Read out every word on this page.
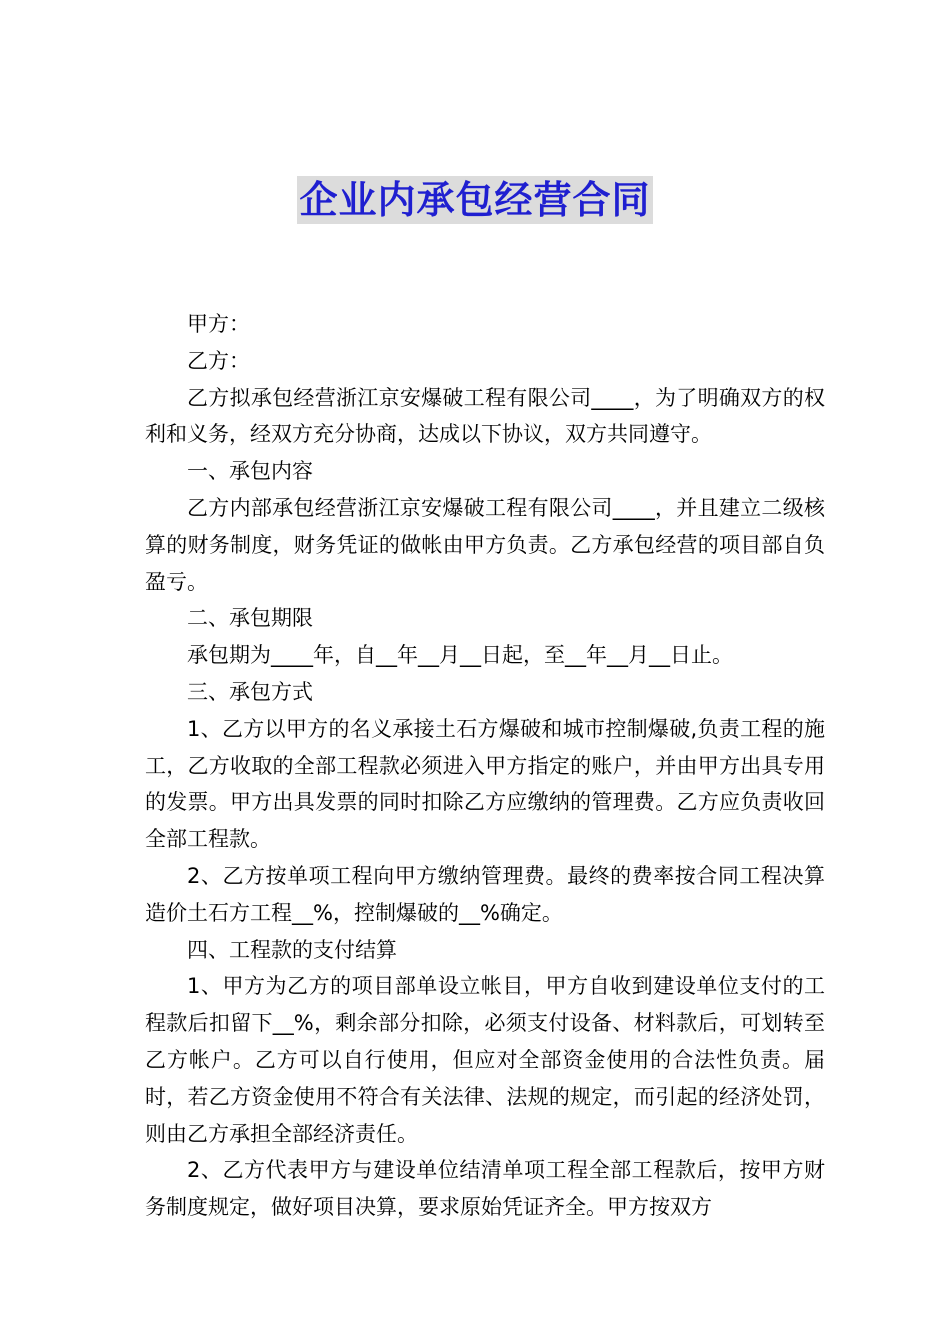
企业内承包经营合同

甲方：

乙方：

乙方拟承包经营浙江京安爆破工程有限公司____，为了明确双方的权利和义务，经双方充分协商，达成以下协议，双方共同遵守。

一、承包内容

乙方内部承包经营浙江京安爆破工程有限公司____，并且建立二级核算的财务制度，财务凭证的做帐由甲方负责。乙方承包经营的项目部自负盈亏。

二、承包期限

承包期为____年，自__年__月__日起，至__年__月__日止。

三、承包方式

1、乙方以甲方的名义承接土石方爆破和城市控制爆破,负责工程的施工，乙方收取的全部工程款必须进入甲方指定的账户，并由甲方出具专用的发票。甲方出具发票的同时扣除乙方应缴纳的管理费。乙方应负责收回全部工程款。

2、乙方按单项工程向甲方缴纳管理费。最终的费率按合同工程决算造价土石方工程__%，控制爆破的__%确定。

四、工程款的支付结算

1、甲方为乙方的项目部单设立帐目，甲方自收到建设单位支付的工程款后扣留下__%，剩余部分扣除，必须支付设备、材料款后，可划转至乙方帐户。乙方可以自行使用，但应对全部资金使用的合法性负责。届时，若乙方资金使用不符合有关法律、法规的规定，而引起的经济处罚，则由乙方承担全部经济责任。

2、乙方代表甲方与建设单位结清单项工程全部工程款后，按甲方财务制度规定，做好项目决算，要求原始凭证齐全。甲方按双方
